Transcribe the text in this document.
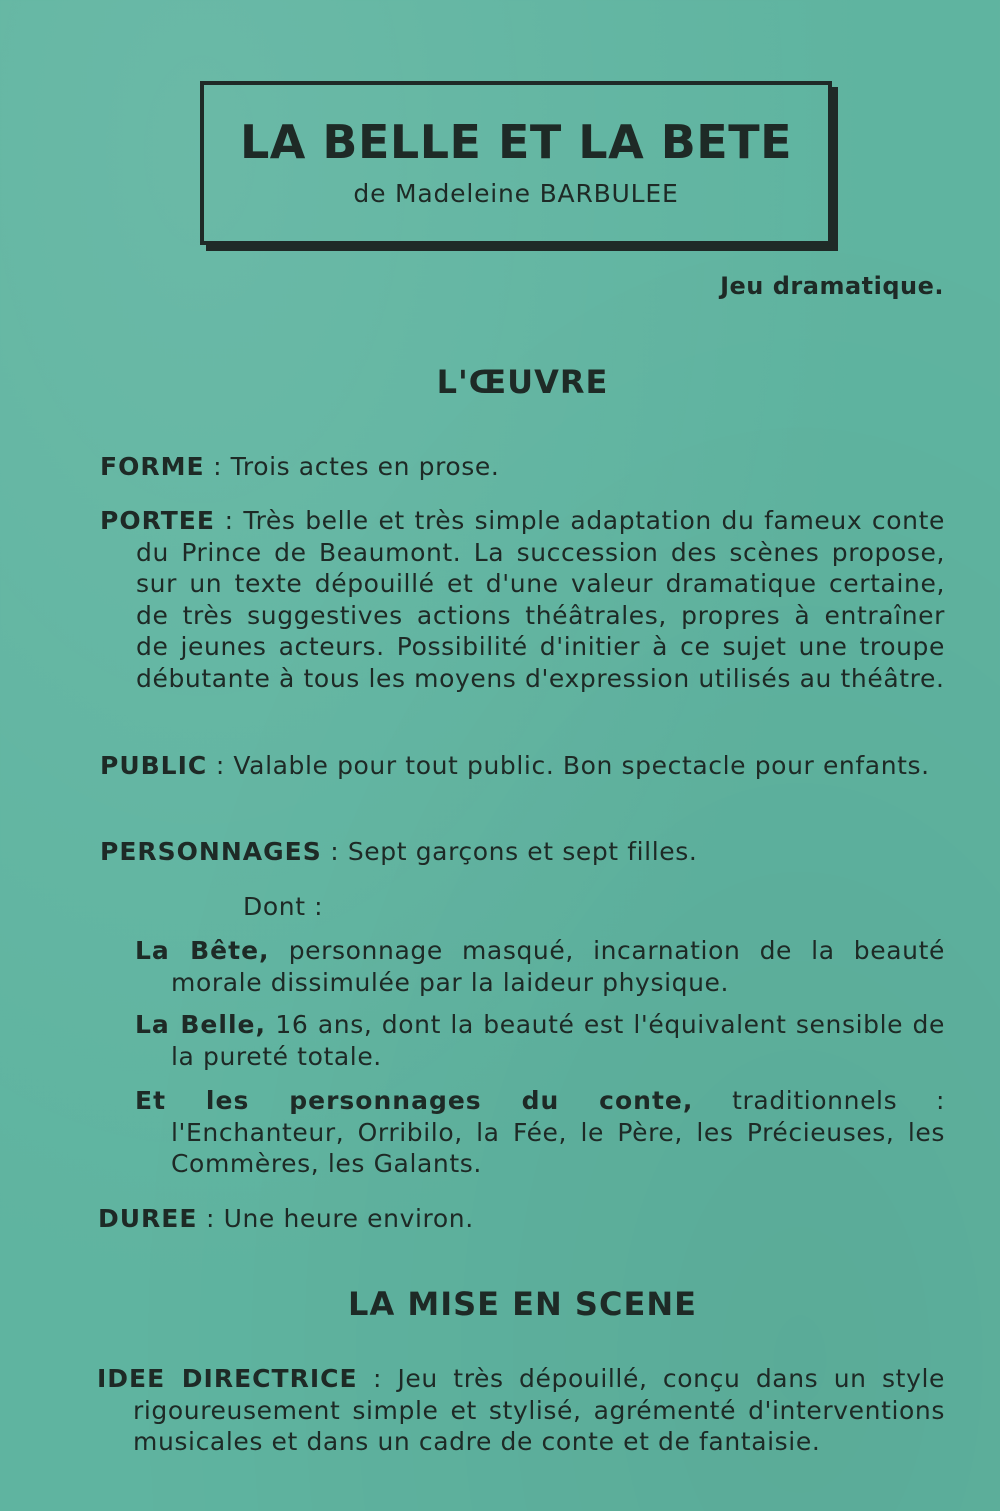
LA BELLE ET LA BETE
de Madeleine BARBULEE
Jeu dramatique.
L'ŒUVRE
FORME : Trois actes en prose.
PORTEE : Très belle et très simple adaptation du fameux conte du Prince de Beaumont. La succession des scènes propose, sur un texte dépouillé et d'une valeur dramatique certaine, de très suggestives actions théâtrales, propres à entraîner de jeunes acteurs. Possibilité d'initier à ce sujet une troupe débutante à tous les moyens d'expression utilisés au théâtre.
PUBLIC : Valable pour tout public. Bon spectacle pour enfants.
PERSONNAGES : Sept garçons et sept filles.
Dont :
La Bête, personnage masqué, incarnation de la beauté morale dissimulée par la laideur physique.
La Belle, 16 ans, dont la beauté est l'équivalent sensible de la pureté totale.
Et les personnages du conte, traditionnels : l'Enchanteur, Orribilo, la Fée, le Père, les Précieuses, les Commères, les Galants.
DUREE : Une heure environ.
LA MISE EN SCENE
IDEE DIRECTRICE : Jeu très dépouillé, conçu dans un style rigoureusement simple et stylisé, agrémenté d'interventions musicales et dans un cadre de conte et de fantaisie.
